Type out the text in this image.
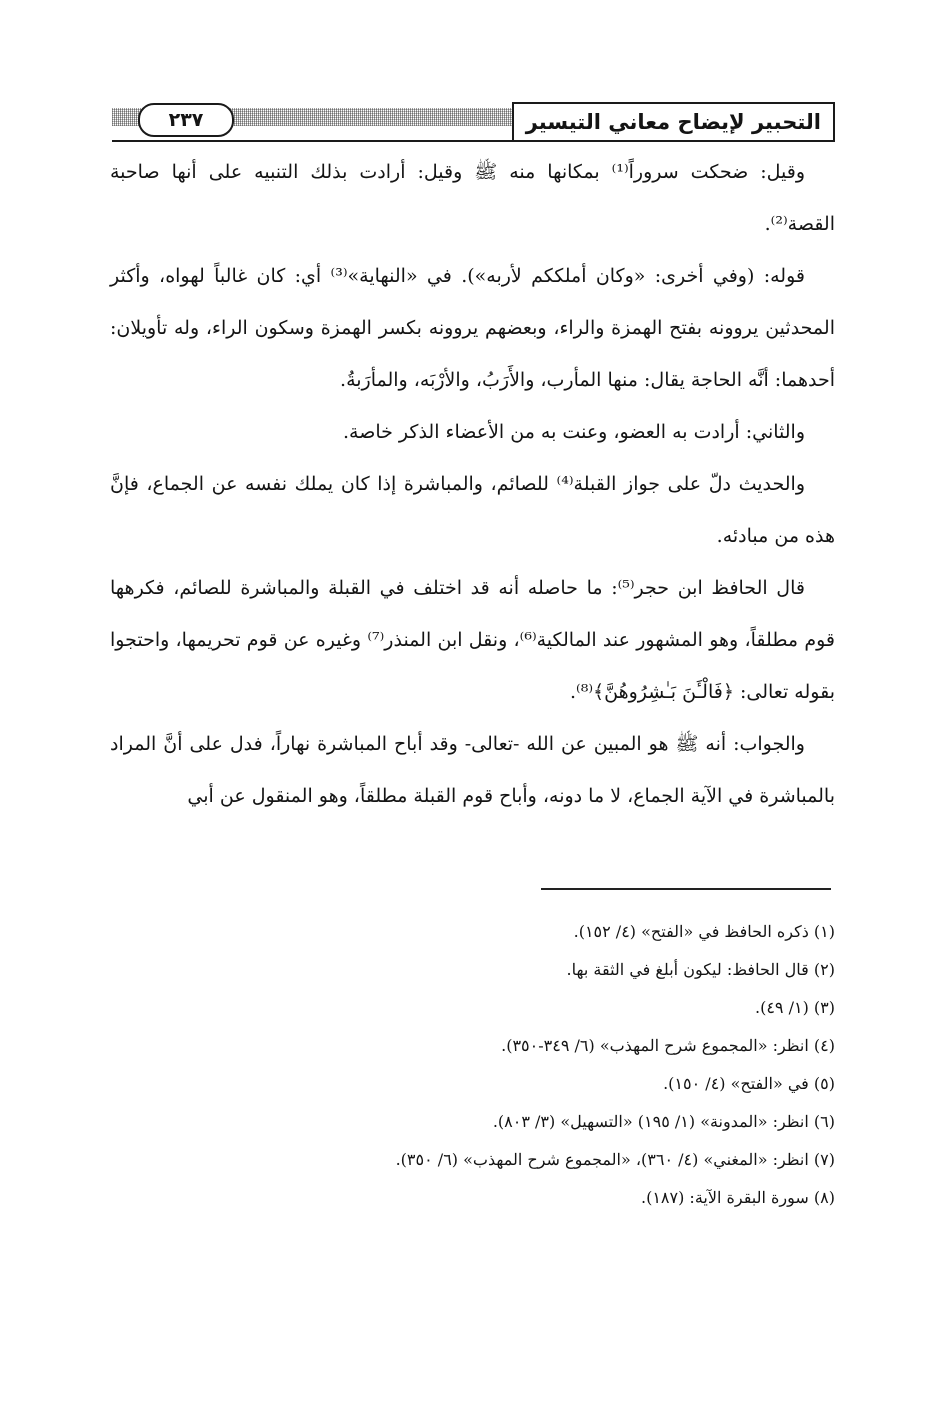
التحبير لإيضاح معاني التيسير
٢٣٧

وقيل: ضحكت سروراً⁽¹⁾ بمكانها منه ﷺ وقيل: أرادت بذلك التنبيه على أنها صاحبة القصة⁽²⁾.

قوله: (وفي أخرى: «وكان أملككم لأربه»). في «النهاية»⁽³⁾ أي: كان غالباً لهواه، وأكثر المحدثين يروونه بفتح الهمزة والراء، وبعضهم يروونه بكسر الهمزة وسكون الراء، وله تأويلان: أحدهما: أنَّه الحاجة يقال: منها المأرب، والأَرَبُ، والأرْبَه، والمأرَبةُ.

والثاني: أرادت به العضو، وعنت به من الأعضاء الذكر خاصة.

والحديث دلّ على جواز القبلة⁽⁴⁾ للصائم، والمباشرة إذا كان يملك نفسه عن الجماع، فإنَّ هذه من مبادئه.

قال الحافظ ابن حجر⁽⁵⁾: ما حاصله أنه قد اختلف في القبلة والمباشرة للصائم، فكرهها قوم مطلقاً، وهو المشهور عند المالكية⁽⁶⁾، ونقل ابن المنذر⁽⁷⁾ وغيره عن قوم تحريمها، واحتجوا بقوله تعالى: ﴿فَالْـَٔنَ بَـٰشِرُوهُنَّ﴾⁽⁸⁾.

والجواب: أنه ﷺ هو المبين عن الله -تعالى- وقد أباح المباشرة نهاراً، فدل على أنَّ المراد بالمباشرة في الآية الجماع، لا ما دونه، وأباح قوم القبلة مطلقاً، وهو المنقول عن أبي

(١) ذكره الحافظ في «الفتح» (٤/ ١٥٢).
(٢) قال الحافظ: ليكون أبلغ في الثقة بها.
(٣) (١/ ٤٩).
(٤) انظر: «المجموع شرح المهذب» (٦/ ٣٤٩-٣٥٠).
(٥) في «الفتح» (٤/ ١٥٠).
(٦) انظر: «المدونة» (١/ ١٩٥) «التسهيل» (٣/ ٨٠٣).
(٧) انظر: «المغني» (٤/ ٣٦٠)، «المجموع شرح المهذب» (٦/ ٣٥٠).
(٨) سورة البقرة الآية: (١٨٧).
